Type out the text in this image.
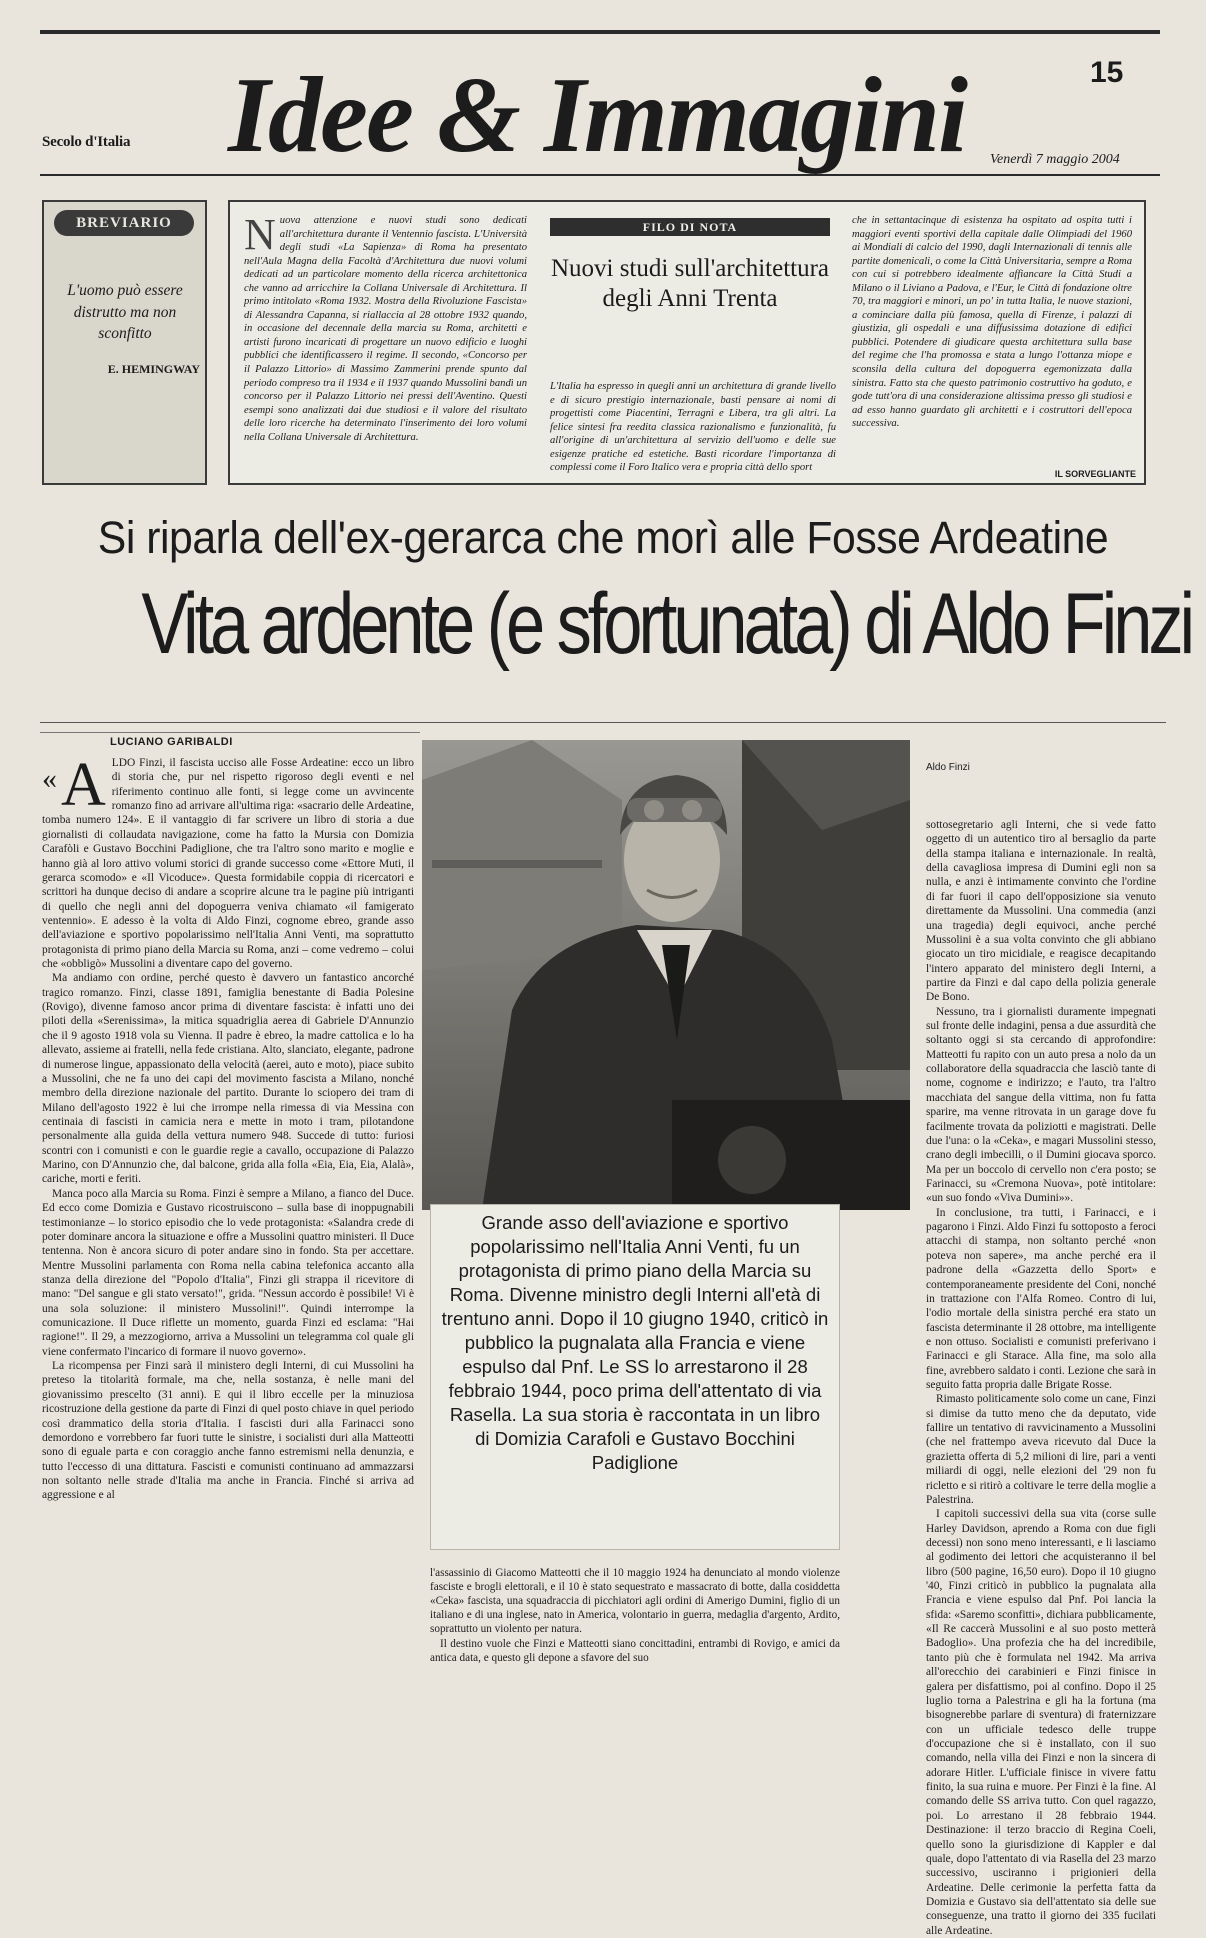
Secolo d'Italia Idee & Immagini	15
Venerdì 7 maggio 2004
BREVIARIO
L'uomo può essere distrutto ma non sconfitto
E. HEMINGWAY

Nuova attenzione e nuovi studi sono dedicati all'architettura durante il Ventennio fascista. L'Università degli studi «La Sapienza» di Roma ha presentato nell'Aula Magna della Facoltà d'Architettura due nuovi volumi dedicati ad un particolare momento della ricerca architettonica che vanno ad arricchire la Collana Universale di Architettura. Il primo intitolato «Roma 1932. Mostra della Rivoluzione Fascista» di Alessandra Capanna, si riallaccia al 28 ottobre 1932 quando, in occasione del decennale della marcia su Roma, architetti e artisti furono incaricati di progettare un nuovo edificio e luoghi pubblici che identificassero il regime. Il secondo, «Concorso per il Palazzo Littorio» di Massimo Zammerini prende spunto dal periodo compreso tra il 1934 e il 1937 quando Mussolini bandì un concorso per il Palazzo Littorio nei pressi dell'Aventino. Questi esempi sono analizzati dai due studiosi e il valore del risultato delle loro ricerche ha determinato l'inserimento dei loro volumi nella Collana Universale di Architettura.

FILO DI NOTA
Nuovi studi sull'architettura degli Anni Trenta

L'Italia ha espresso in quegli anni un architettura di grande livello e di sicuro prestigio internazionale, basti pensare ai nomi di progettisti come Piacentini, Terragni e Libera, tra gli altri. La felice sintesi fra reedita classica razionalismo e funzionalità, fu all'origine di un'architettura al servizio dell'uomo e delle sue esigenze pratiche ed estetiche. Basti ricordare l'importanza di complessi come il Foro Italico vera e propria città dello sport

che in settantacinque di esistenza ha ospitato ad ospita tutti i maggiori eventi sportivi della capitale dalle Olimpiadi del 1960 ai Mondiali di calcio del 1990, dagli Internazionali di tennis alle partite domenicali, o come la Città Universitaria, sempre a Roma con cui si potrebbero idealmente affiancare la Città Studi a Milano o il Liviano a Padova, e l'Eur, le Città di fondazione oltre 70, tra maggiori e minori, un po' in tutta Italia, le nuove stazioni, a cominciare dalla più famosa, quella di Firenze, i palazzi di giustizia, gli ospedali e una diffusissima dotazione di edifici pubblici. Potendere di giudicare questa architettura sulla base del regime che l'ha promossa e stata a lungo l'ottanza miope e sconsila della cultura del dopoguerra egemonizzata dalla sinistra. Fatto sta che questo patrimonio costruttivo ha goduto, e gode tutt'ora di una considerazione altissima presso gli studiosi e ad esso hanno guardato gli architetti e i costruttori dell'epoca successiva.

IL SORVEGLIANTE
Si riparla dell'ex-gerarca che morì alle Fosse Ardeatine
Vita ardente (e sfortunata) di Aldo Finzi
LUCIANO GARIBALDI

« A LDO Finzi, il fascista ucciso alle Fosse Ardeatine: ecco un libro di storia che, pur nel rispetto rigoroso degli eventi e nel riferimento continuo alle fonti, si legge come un avvincente romanzo fino ad arrivare all'ultima riga: «sacrario delle Ardeatine, tomba numero 124». E il vantaggio di far scrivere un libro di storia a due giornalisti di collaudata navigazione, come ha fatto la Mursia con Domizia Carafòli e Gustavo Bocchini Padiglione, che tra l'altro sono marito e moglie e hanno già al loro attivo volumi storici di grande successo come «Ettore Muti, il gerarca scomodo» e «Il Vicoduce». Questa formidabile coppia di ricercatori e scrittori ha dunque deciso di andare a scoprire alcune tra le pagine più intriganti di quello che negli anni del dopoguerra veniva chiamato «il famigerato ventennio». E adesso è la volta di Aldo Finzi, cognome ebreo, grande asso dell'aviazione e sportivo popolarissimo nell'Italia Anni Venti, ma soprattutto protagonista di primo piano della Marcia su Roma, anzi – come vedremo – colui che «obbligò» Mussolini a diventare capo del governo.

Ma andiamo con ordine, perché questo è davvero un fantastico ancorché tragico romanzo. Finzi, classe 1891, famiglia benestante di Badia Polesine (Rovigo), divenne famoso ancor prima di diventare fascista: è infatti uno dei piloti della «Serenissima», la mitica squadriglia aerea di Gabriele D'Annunzio che il 9 agosto 1918 vola su Vienna. Il padre è ebreo, la madre cattolica e lo ha allevato, assieme ai fratelli, nella fede cristiana. Alto, slanciato, elegante, padrone di numerose lingue, appassionato della velocità (aerei, auto e moto), piace subito a Mussolini, che ne fa uno dei capi del movimento fascista a Milano, nonché membro della direzione nazionale del partito. Durante lo sciopero dei tram di Milano dell'agosto 1922 è lui che irrompe nella rimessa di via Messina con centinaia di fascisti in camicia nera e mette in moto i tram, pilotandone personalmente alla guida della vettura numero 948. Succede di tutto: furiosi scontri con i comunisti e con le guardie regie a cavallo, occupazione di Palazzo Marino, con D'Annunzio che, dal balcone, grida alla folla «Eia, Eia, Eia, Alalà», cariche, morti e feriti.

Manca poco alla Marcia su Roma. Finzi è sempre a Milano, a fianco del Duce. Ed ecco come Domizia e Gustavo ricostruiscono – sulla base di inoppugnabili testimonianze – lo storico episodio che lo vede protagonista: «Salandra crede di poter dominare ancora la situazione e offre a Mussolini quattro ministeri. Il Duce tentenna. Non è ancora sicuro di poter andare sino in fondo. Sta per accettare. Mentre Mussolini parlamenta con Roma nella cabina telefonica accanto alla stanza della direzione del "Popolo d'Italia", Finzi gli strappa il ricevitore di mano: "Del sangue e gli stato versato!", grida. "Nessun accordo è possibile! Vi è una sola soluzione: il ministero Mussolini!". Quindi interrompe la comunicazione. Il Duce riflette un momento, guarda Finzi ed esclama: "Hai ragione!". Il 29, a mezzogiorno, arriva a Mussolini un telegramma col quale gli viene confermato l'incarico di formare il nuovo governo».

La ricompensa per Finzi sarà il ministero degli Interni, di cui Mussolini ha preteso la titolarità formale, ma che, nella sostanza, è nelle mani del giovanissimo prescelto (31 anni). E qui il libro eccelle per la minuziosa ricostruzione della gestione da parte di Finzi di quel posto chiave in quel periodo così drammatico della storia d'Italia. I fascisti duri alla Farinacci sono demordono e vorrebbero far fuori tutte le sinistre, i socialisti duri alla Matteotti sono di eguale parta e con coraggio anche fanno estremismi nella denunzia, e tutto l'eccesso di una dittatura. Fascisti e comunisti continuano ad ammazzarsi non soltanto nelle strade d'Italia ma anche in Francia. Finché si arriva ad aggressione e al

Aldo Finzi

sottosegretario agli Interni, che si vede fatto oggetto di un autentico tiro al bersaglio da parte della stampa italiana e internazionale. In realtà, della cavagliosa impresa di Dumini egli non sa nulla, e anzi è intimamente convinto che l'ordine di far fuori il capo dell'opposizione sia venuto direttamente da Mussolini. Una commedia (anzi una tragedia) degli equivoci, anche perché Mussolini è a sua volta convinto che gli abbiano giocato un tiro micidiale, e reagisce decapitando l'intero apparato del ministero degli Interni, a partire da Finzi e dal capo della polizia generale De Bono.

Nessuno, tra i giornalisti duramente impegnati sul fronte delle indagini, pensa a due assurdità che soltanto oggi si sta cercando di approfondire: Matteotti fu rapito con un auto presa a nolo da un collaboratore della squadraccia che lasciò tante di nome, cognome e indirizzo; e l'auto, tra l'altro macchiata del sangue della vittima, non fu fatta sparire, ma venne ritrovata in un garage dove fu facilmente trovata da poliziotti e magistrati. Delle due l'una: o la «Ceka», e magari Mussolini stesso, crano degli imbecilli, o il Dumini giocava sporco. Ma per un boccolo di cervello non c'era posto; se Farinacci, su «Cremona Nuova», potè intitolare: «un suo fondo «Viva Dumini»».

In conclusione, tra tutti, i Farinacci, e i pagarono i Finzi. Aldo Finzi fu sottoposto a feroci attacchi di stampa, non soltanto perché «non poteva non sapere», ma anche perché era il padrone della «Gazzetta dello Sport» e contemporaneamente presidente del Coni, nonché in trattazione con l'Alfa Romeo. Contro di lui, l'odio mortale della sinistra perché era stato un fascista determinante il 28 ottobre, ma intelligente e non ottuso. Socialisti e comunisti preferivano i Farinacci e gli Starace. Alla fine, ma solo alla fine, avrebbero saldato i conti. Lezione che sarà in seguito fatta propria dalle Brigate Rosse.

Rimasto politicamente solo come un cane, Finzi si dimise da tutto meno che da deputato, vide fallire un tentativo di ravvicinamento a Mussolini (che nel frattempo aveva ricevuto dal Duce la grazietta offerta di 5,2 milioni di lire, pari a venti miliardi di oggi, nelle elezioni del '29 non fu ricletto e si ritirò a coltivare le terre della moglie a Palestrina.

I capitoli successivi della sua vita (corse sulle Harley Davidson, aprendo a Roma con due figli decessi) non sono meno interessanti, e li lasciamo al godimento dei lettori che acquisteranno il bel libro (500 pagine, 16,50 euro). Dopo il 10 giugno '40, Finzi criticò in pubblico la pugnalata alla Francia e viene espulso dal Pnf. Poi lancia la sfida: «Saremo sconfitti», dichiara pubblicamente, «Il Re caccerà Mussolini e al suo posto metterà Badoglio». Una profezia che ha del incredibile, tanto più che è formulata nel 1942. Ma arriva all'orecchio dei carabinieri e Finzi finisce in galera per disfattismo, poi al confino. Dopo il 25 luglio torna a Palestrina e gli ha la fortuna (ma bisognerebbe parlare di sventura) di fraternizzare con un ufficiale tedesco delle truppe d'occupazione che si è installato, con il suo comando, nella villa dei Finzi e non la sincera di adorare Hitler. L'ufficiale finisce in vivere fattu finito, la sua ruina e muore. Per Finzi è la fine. Al comando delle SS arriva tutto. Con quel ragazzo, poi. Lo arrestano il 28 febbraio 1944. Destinazione: il terzo braccio di Regina Coeli, quello sono la giurisdizione di Kappler e dal quale, dopo l'attentato di via Rasella del 23 marzo successivo, usciranno i prigionieri della Ardeatine. Delle cerimonie la perfetta fatta da Domizia e Gustavo sia dell'attentato sia delle sue conseguenze, una tratto il giorno dei 335 fucilati alle Ardeatine.

Grande asso dell'aviazione e sportivo popolarissimo nell'Italia Anni Venti, fu un protagonista di primo piano della Marcia su Roma. Divenne ministro degli Interni all'età di trentuno anni. Dopo il 10 giugno 1940, criticò in pubblico la pugnalata alla Francia e viene espulso dal Pnf. Le SS lo arrestarono il 28 febbraio 1944, poco prima dell'attentato di via Rasella. La sua storia è raccontata in un libro di Domizia Carafoli e Gustavo Bocchini Padiglione

l'assassinio di Giacomo Matteotti che il 10 maggio 1924 ha denunciato al mondo violenze fasciste e brogli elettorali, e il 10 è stato sequestrato e massacrato di botte, dalla cosiddetta «Ceka» fascista, una squadraccia di picchiatori agli ordini di Amerigo Dumini, figlio di un italiano e di una inglese, nato in America, volontario in guerra, medaglia d'argento, Ardito, soprattutto un violento per natura.

Il destino vuole che Finzi e Matteotti siano concittadini, entrambi di Rovigo, e amici da antica data, e questo gli depone a sfavore del suo
